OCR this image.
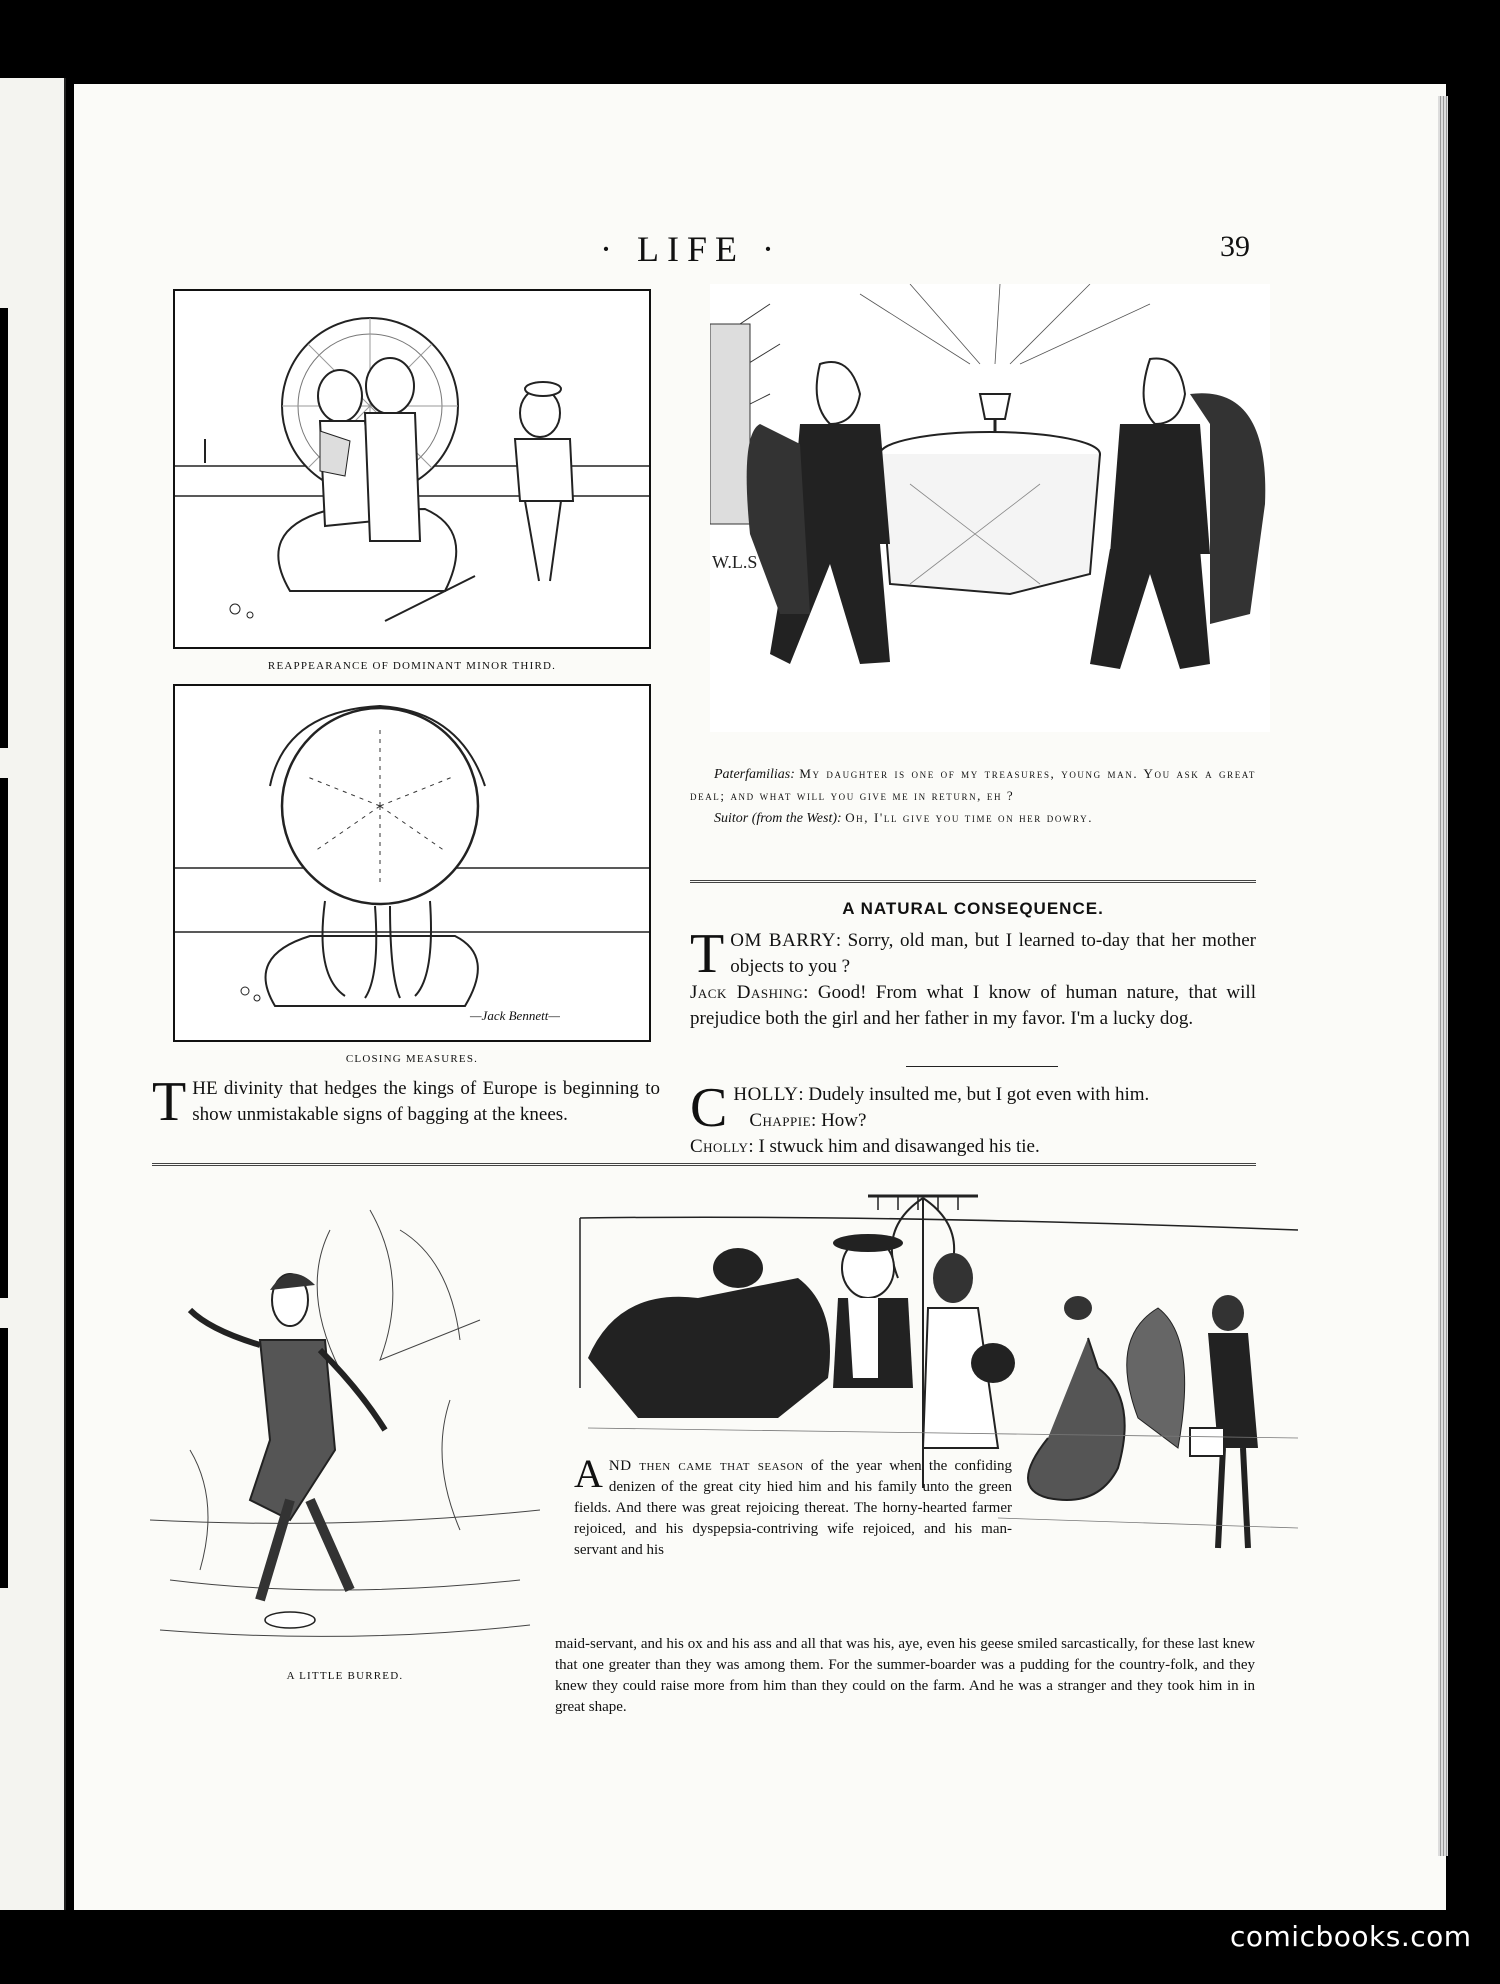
· LIFE ·	39
REAPPEARANCE OF DOMINANT MINOR THIRD.
—Jack Bennett—
CLOSING MEASURES.
THE divinity that hedges the kings of Europe is beginning to show unmistakable signs of bagging at the knees.
W.L.S
Paterfamilias: My daughter is one of my treasures, young man. You ask a great deal; and what will you give me in return, eh ?
Suitor (from the West): Oh, I'll give you time on her dowry.
A NATURAL CONSEQUENCE.
TOM BARRY: Sorry, old man, but I learned to-day that her mother objects to you ?
Jack Dashing: Good! From what I know of human nature, that will prejudice both the girl and her father in my favor. I'm a lucky dog.
CHOLLY: Dudely insulted me, but I got even with him.
Chappie: How?
Cholly: I stwuck him and disawanged his tie.
A LITTLE BURRED.
AND then came that season of the year when the confiding denizen of the great city hied him and his family unto the green fields. And there was great rejoicing thereat. The horny-hearted farmer rejoiced, and his dyspepsia-contriving wife rejoiced, and his man-servant and his
maid-servant, and his ox and his ass and all that was his, aye, even his geese smiled sarcastically, for these last knew that one greater than they was among them. For the summer-boarder was a pudding for the country-folk, and they knew they could raise more from him than they could on the farm. And he was a stranger and they took him in in great shape.
comicbooks.com
